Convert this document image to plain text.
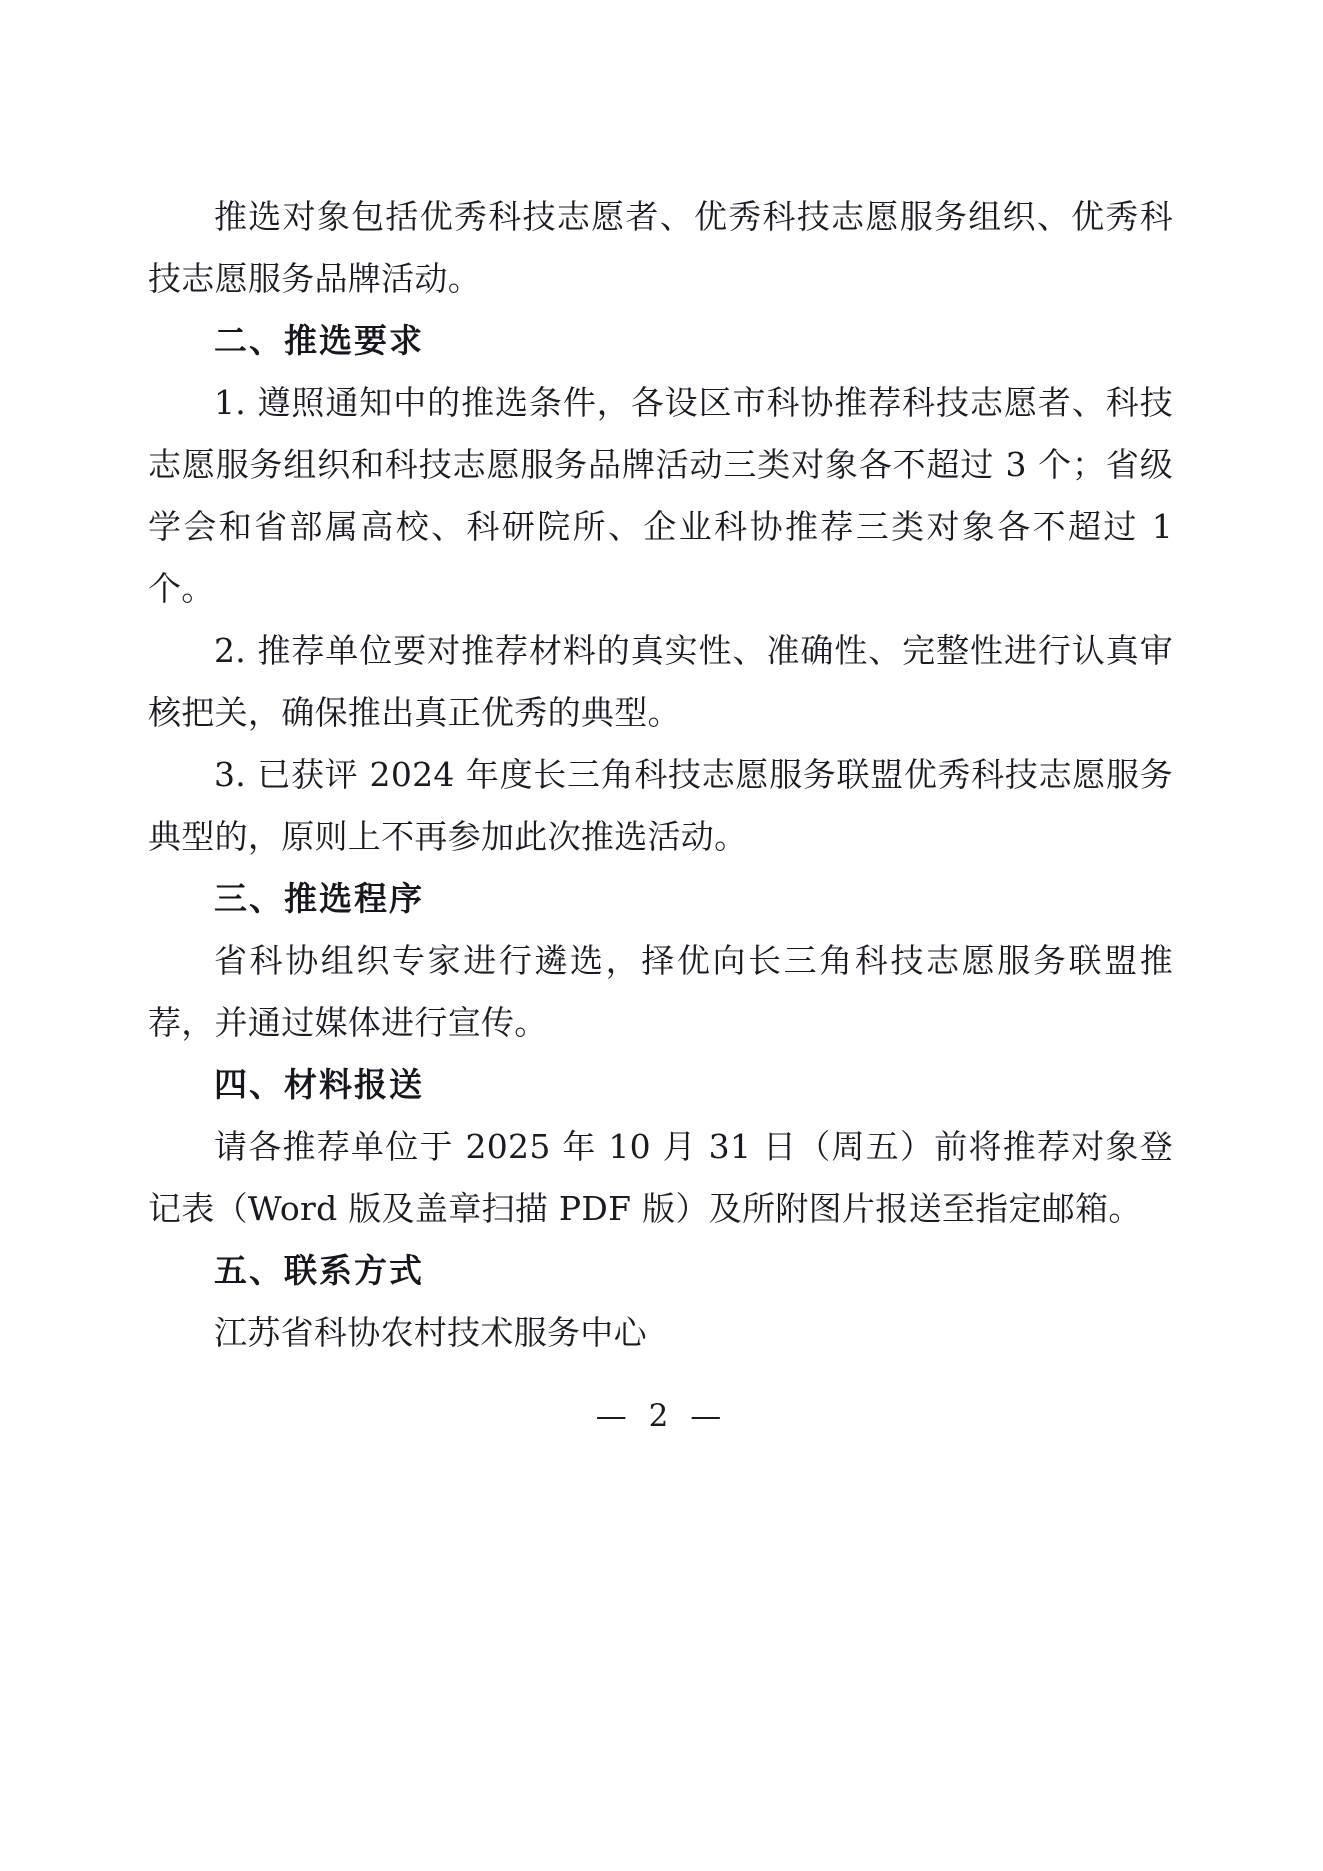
推选对象包括优秀科技志愿者、优秀科技志愿服务组织、优秀科技志愿服务品牌活动。

二、推选要求

1. 遵照通知中的推选条件，各设区市科协推荐科技志愿者、科技志愿服务组织和科技志愿服务品牌活动三类对象各不超过 3 个；省级学会和省部属高校、科研院所、企业科协推荐三类对象各不超过 1 个。

2. 推荐单位要对推荐材料的真实性、准确性、完整性进行认真审核把关，确保推出真正优秀的典型。

3. 已获评 2024 年度长三角科技志愿服务联盟优秀科技志愿服务典型的，原则上不再参加此次推选活动。

三、推选程序

省科协组织专家进行遴选，择优向长三角科技志愿服务联盟推荐，并通过媒体进行宣传。

四、材料报送

请各推荐单位于 2025 年 10 月 31 日（周五）前将推荐对象登记表（Word 版及盖章扫描 PDF 版）及所附图片报送至指定邮箱。

五、联系方式

江苏省科协农村技术服务中心

— 2 —
